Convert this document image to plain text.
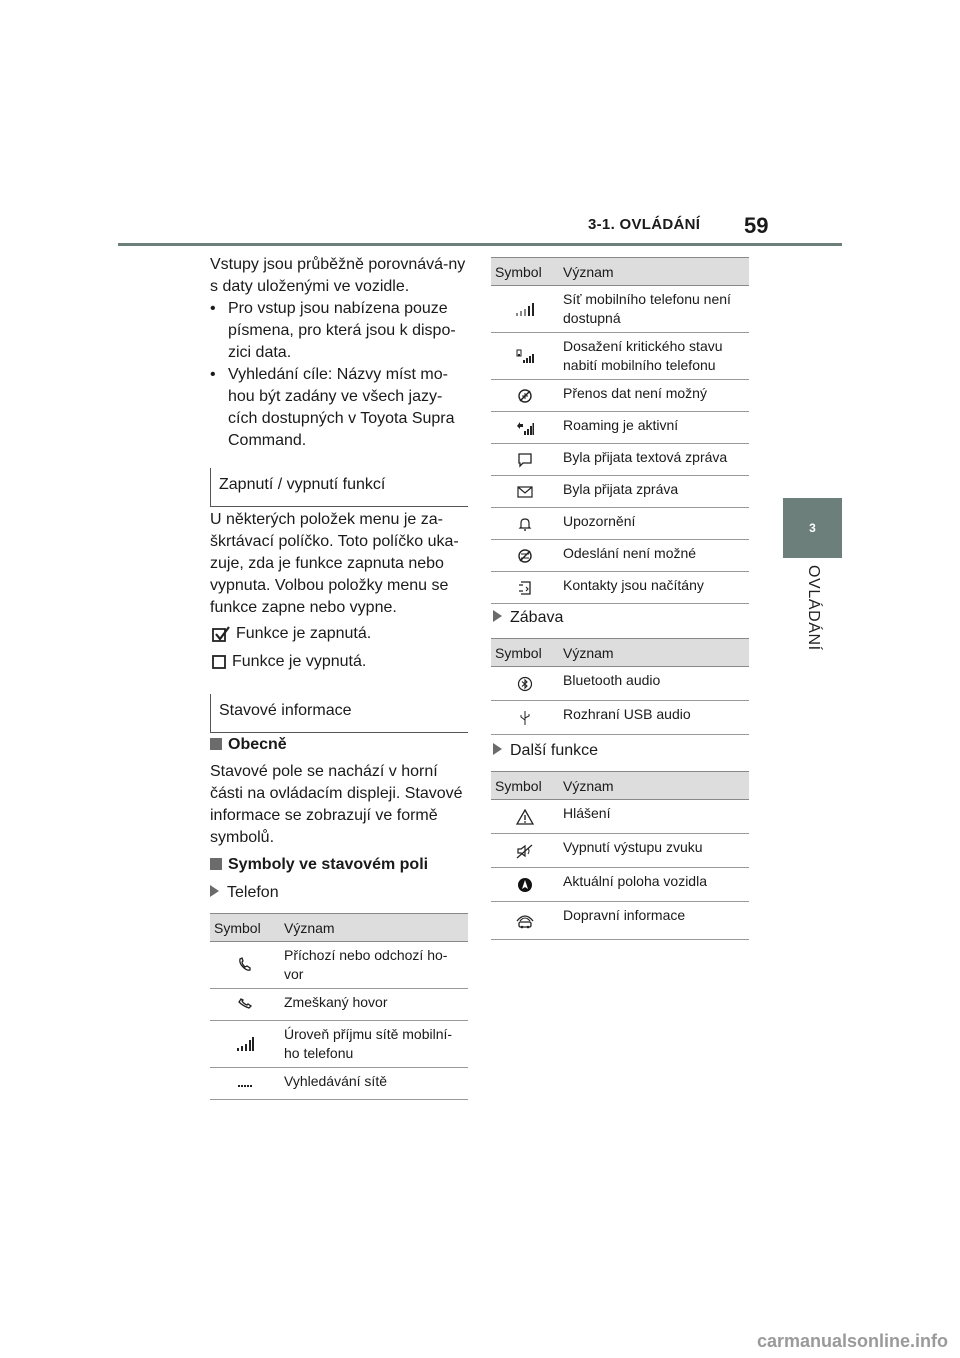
3-1. OVLÁDÁNÍ 59
3
OVLÁDÁNÍ

Vstupy jsou průběžně porovnává-ny s daty uloženými ve vozidle.

• Pro vstup jsou nabízena pouze písmena, pro která jsou k dispo-zici data.

• Vyhledání cíle: Názvy míst mo-hou být zadány ve všech jazy-cích dostupných v Toyota Supra Command.

Zapnutí / vypnutí funkcí
U některých položek menu je za-škrtávací políčko. Toto políčko uka-zuje, zda je funkce zapnuta nebo vypnuta. Volbou položky menu se funkce zapne nebo vypne.
Funkce je zapnutá.
Funkce je vypnutá.
Stavové informace
Obecně
Stavové pole se nachází v horní části na ovládacím displeji. Stavové informace se zobrazují ve formě symbolů.
Symboly ve stavovém poli
Telefon
Symbol	Význam

	Příchozí nebo odchozí ho-vor

	Zmeškaný hovor

	Úroveň příjmu sítě mobilní-ho telefonu

	Vyhledávání sítě
Symbol	Význam

	Síť mobilního telefonu není dostupná

	Dosažení kritického stavu nabití mobilního telefonu

	Přenos dat není možný

	Roaming je aktivní

	Byla přijata textová zpráva

	Byla přijata zpráva

	Upozornění

	Odeslání není možné

	Kontakty jsou načítány
Zábava
Symbol	Význam

	Bluetooth audio

	Rozhraní USB audio
Další funkce
Symbol	Význam

	Hlášení

	Vypnutí výstupu zvuku

	Aktuální poloha vozidla

	Dopravní informace
carmanualsonline.info
